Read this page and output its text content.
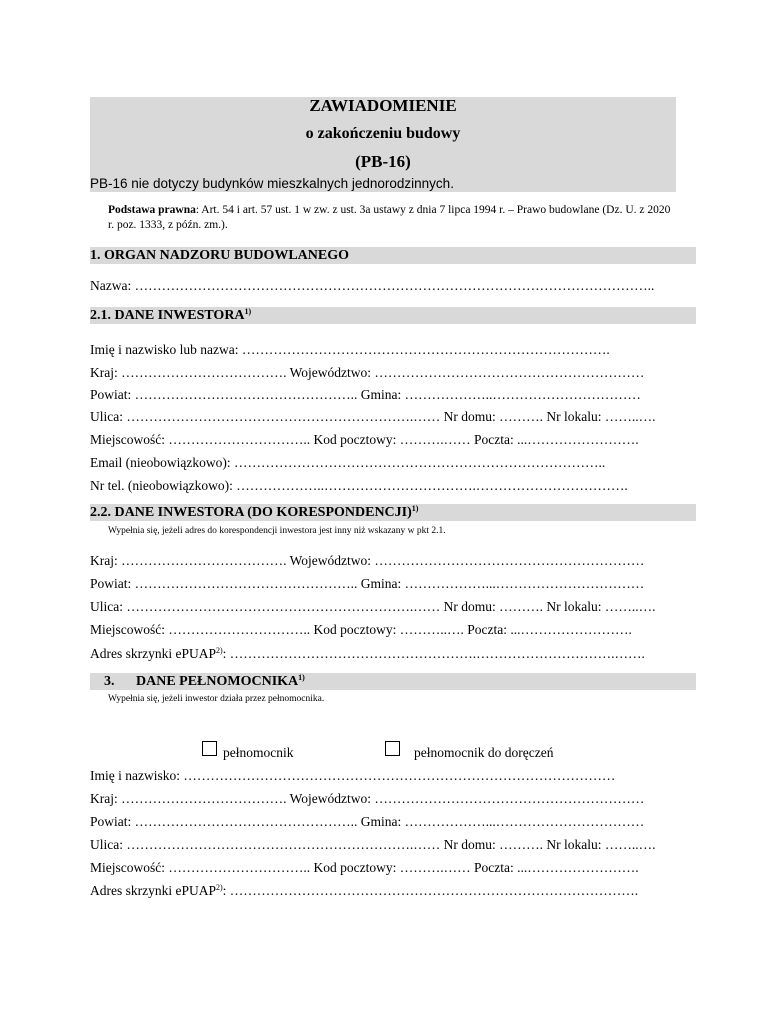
ZAWIADOMIENIE
o zakończeniu budowy
(PB-16)
PB-16 nie dotyczy budynków mieszkalnych jednorodzinnych.
Podstawa prawna: Art. 54 i art. 57 ust. 1 w zw. z ust. 3a ustawy z dnia 7 lipca 1994 r. – Prawo budowlane (Dz. U. z 2020 r. poz. 1333, z późn. zm.).
1. ORGAN NADZORU BUDOWLANEGO
Nazwa: ……………………………………………………………………………………………………..
2.1. DANE INWESTORA$^{1)}$
Imię i nazwisko lub nazwa: ……………………………………………………………………….
Kraj: ………………………………. Województwo: ……………………………………………………
Powiat: ………………………………………….. Gmina: ………………..……………………………
Ulica: ……………………………………………………….…… Nr domu: ………. Nr lokalu: ……..….
Miejscowość: ………………………….. Kod pocztowy: ……….…… Poczta: ...…………………….
Email (nieobowiązkowo): ………………………………………………………………………..
Nr tel. (nieobowiązkowo): ………………..…………………………….…………………………….
2.2. DANE INWESTORA (DO KORESPONDENCJI)$^{1)}$
Wypełnia się, jeżeli adres do korespondencji inwestora jest inny niż wskazany w pkt 2.1.
Kraj: ………………………………. Województwo: ……………………………………………………
Powiat: ………………………………………….. Gmina: ………………...……………………………
Ulica: ……………………………………………………….…… Nr domu: ………. Nr lokalu: ……..….
Miejscowość: ………………………….. Kod pocztowy: ………..…. Poczta: ...…………………….
Adres skrzynki ePUAP$^{2)}$: ……………………………………………….………………………….…….
3. DANE PEŁNOMOCNIKA$^{1)}$
Wypełnia się, jeżeli inwestor działa przez pełnomocnika.
pełnomocnik	pełnomocnik do doręczeń
Imię i nazwisko: ……………………………………………………………………………………
Kraj: ………………………………. Województwo: ……………………………………………………
Powiat: ………………………………………….. Gmina: ………………...……………………………
Ulica: ……………………………………………………….…… Nr domu: ………. Nr lokalu: ……..….
Miejscowość: ………………………….. Kod pocztowy: ……….…… Poczta: ...…………………….
Adres skrzynki ePUAP$^{2)}$: ……………………………………………………………………………….
